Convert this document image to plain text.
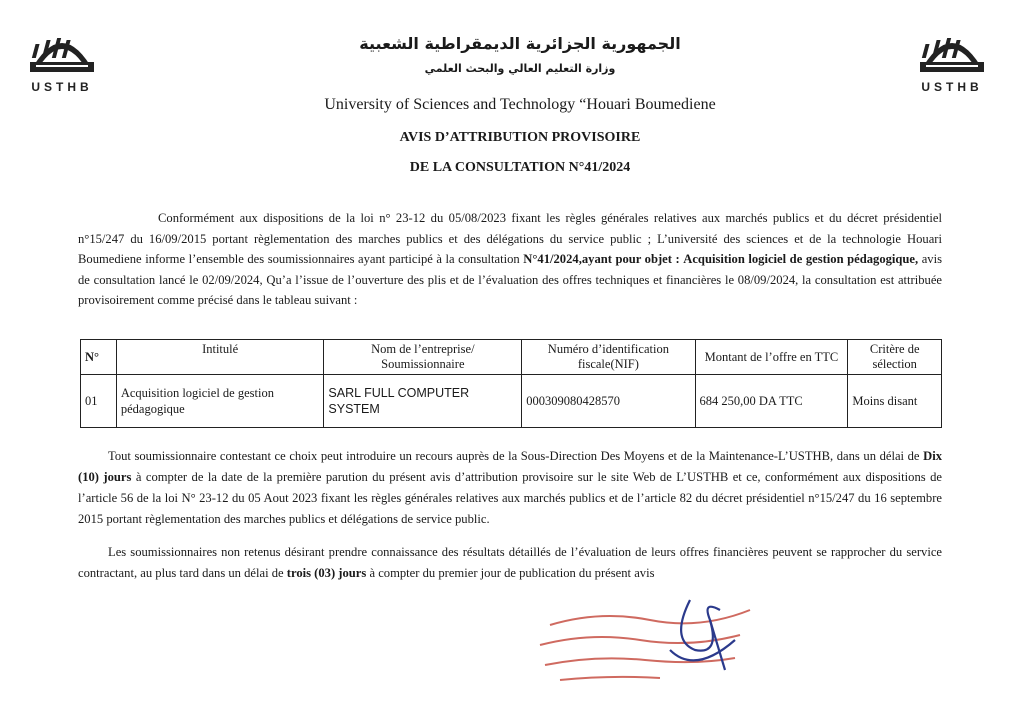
USTHB	USTHB
الجمهورية الجزائرية الديمقراطية الشعبية
وزارة التعليم العالي والبحث العلمي
University of Sciences and Technology “Houari Boumediene
AVIS D’ATTRIBUTION PROVISOIRE
DE LA CONSULTATION N°41/2024
Conformément aux dispositions de la loi n° 23-12 du 05/08/2023 fixant les règles générales relatives aux marchés publics et du décret présidentiel n°15/247 du 16/09/2015 portant règlementation des marches publics et des délégations du service public ; L’université des sciences et de la technologie Houari Boumediene informe l’ensemble des soumissionnaires ayant participé à la consultation N°41/2024,ayant pour objet : Acquisition logiciel de gestion pédagogique, avis de consultation lancé le 02/09/2024, Qu’a l’issue de l’ouverture des plis et de l’évaluation des offres techniques et financières le 08/09/2024, la consultation est attribuée provisoirement comme précisé dans le tableau suivant :
N°	Intitulé	Nom de l’entreprise/ Soumissionnaire	Numéro d’identification fiscale(NIF)	Montant de l’offre en TTC	Critère de sélection
01	Acquisition logiciel de gestion pédagogique	SARL FULL COMPUTER SYSTEM	000309080428570	684 250,00 DA TTC	Moins disant
Tout soumissionnaire contestant ce choix peut introduire un recours auprès de la Sous-Direction Des Moyens et de la Maintenance-L’USTHB, dans un délai de Dix (10) jours à compter de la date de la première parution du présent avis d’attribution provisoire sur le site Web de L’USTHB et ce, conformément aux dispositions de l’article 56 de la loi N° 23-12 du 05 Aout 2023 fixant les règles générales relatives aux marchés publics et de l’article 82 du décret présidentiel n°15/247 du 16 septembre 2015 portant règlementation des marches publics et délégations de service public.
Les soumissionnaires non retenus désirant prendre connaissance des résultats détaillés de l’évaluation de leurs offres financières peuvent se rapprocher du service contractant, au plus tard dans un délai de trois (03) jours à compter du premier jour de publication du présent avis
